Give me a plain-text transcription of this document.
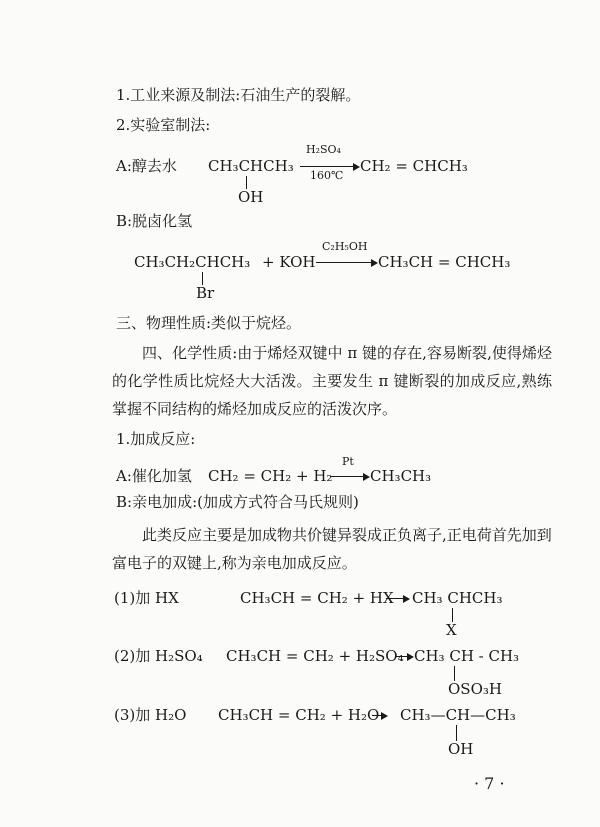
1.工业来源及制法:石油生产的裂解。
2.实验室制法:
A:醇去水 CH₃CHCH₃
OH
H₂SO₄
160℃
CH₂ = CHCH₃
B:脱卤化氢
CH₃CH₂CHCH₃
Br
+ KOH
C₂H₅OH
CH₃CH = CHCH₃
三、物理性质:类似于烷烃。
四、化学性质:由于烯烃双键中 π 键的存在,容易断裂,使得烯烃的化学性质比烷烃大大活泼。主要发生 π 键断裂的加成反应,熟练掌握不同结构的烯烃加成反应的活泼次序。
1.加成反应:
A:催化加氢 CH₂ = CH₂ + H₂
Pt
CH₃CH₃
B:亲电加成:(加成方式符合马氏规则)
此类反应主要是加成物共价键异裂成正负离子,正电荷首先加到富电子的双键上,称为亲电加成反应。
(1)加 HX	CH₃CH = CH₂ + HX → CH₃ CHCH₃
X
(2)加 H₂SO₄ CH₃CH = CH₂ + H₂SO₄ CH₃ CH - CH₃
OSO₃H
(3)加 H₂O CH₃CH = CH₂ + H₂O CH₃—CH—CH₃
OH
· 7 ·
